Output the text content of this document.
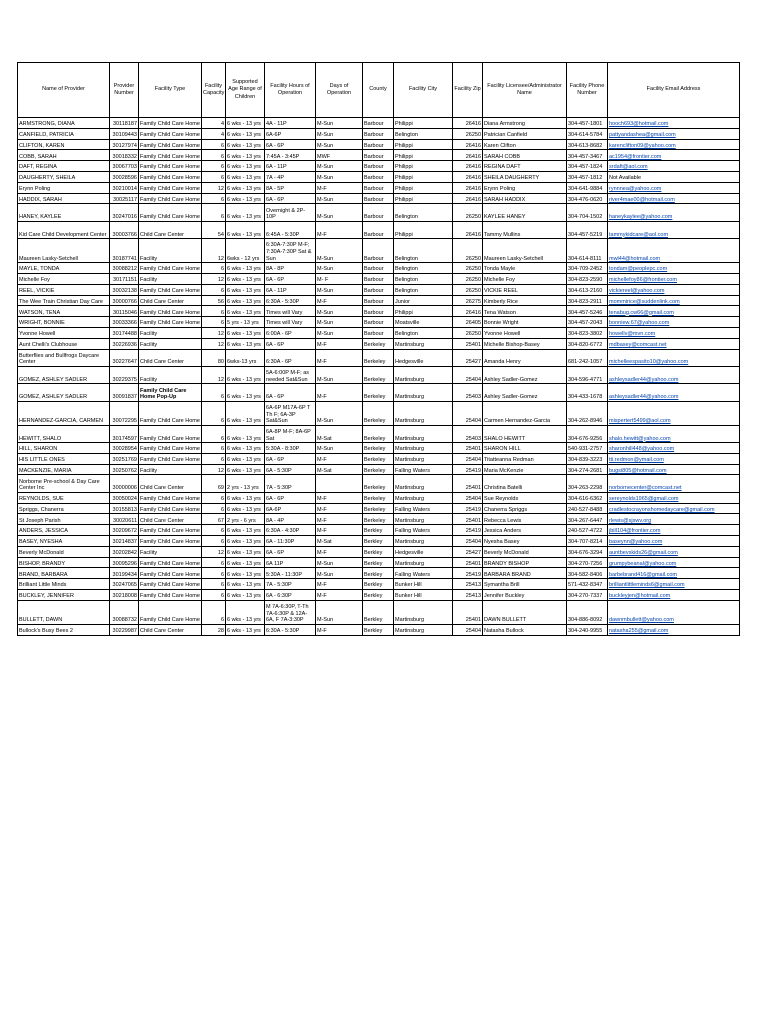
Name of Provider	Provider Number	Facility Type	Facility Capacity	Supported Age Range of Children	Facility Hours of Operation	Days of Operation	County	Facility City	Facility Zip	Facility Licensee/Administrator Name	Facility Phone Number	Facility Email Address
ARMSTRONG, DIANA	30118187	Family Child Care Home	4	6 wks - 13 yrs	4A - 11P	M-Sun	Barbour	Philippi	26416	Diana Armstrong	304-457-1801	hooch693@hotmail.com
CANFIELD, PATRICIA	30109443	Family Child Care Home	4	6 wks - 13 yrs	6A-6P	M-Sun	Barbour	Belington	26250	Patrician Canfield	304-614-5784	pattyandashea@gmail.com
CLIFTON, KAREN	30127974	Family Child Care Home	6	6 wks - 13 yrs	6A - 6P	M-Sun	Barbour	Philippi	26416	Karen Clifton	304-613-8682	karenclifton09@yahoo.com
COBB, SARAH	30018332	Family Child Care Home	6	6 wks - 13 yrs	7:45A - 3:45P	MWF	Barbour	Philippi	26416	SARAH COBB	304-457-3467	ac1954@frontier.com
DAFT, REGINA	30067703	Family Child Care Home	6	6 wks - 13 yrs	6A - 11P	M-Sun	Barbour	Philippi	26416	REGINA DAFT	304-457-1824	srdaft@aol.com
DAUGHERTY, SHEILA	30028596	Family Child Care Home	6	6 wks - 13 yrs	7A - 4P	M-Sun	Barbour	Philippi	26416	SHEILA DAUGHERTY	304-457-1812	Not Available
Erynn Poling	30210014	Family Child Care Home	12	6 wks - 13 yrs	8A - 5P	M-F	Barbour	Philippi	26416	Erynn Poling	304-641-9884	rynnnea@yahoo.com
HADDIX, SARAH	30025117	Family Child Care Home	6	6 wks - 13 yrs	6A - 6P	M-Sun	Barbour	Philippi	26416	SARAH HADDIX	304-476-0620	river4mae00@hotmail.com
HANEY, KAYLEE	30247016	Family Child Care Home	6	6 wks - 13 yrs	Overnight & 2P-10P	M-Sun	Barbour	Belington	26250	KAYLEE HANEY	304-704-1502	haneykaylee@yahoo.com
Kid Care Child Development Center	30003766	Child Care Center	54	6 wks - 13 yrs	6:45A - 5:30P	M-F	Barbour	Philippi	26416	Tammy Mullins	304-457-5219	tammykidcare@aol.com
Maureen Lasky-Setchell	30187741	Facility	12	6wks - 12 yrs	6:30A-7:30P M-F; 7:30A-7:30P Sat & Sun	M-Sun	Barbour	Belington	26250	Maureen Lasky-Setchell	304-614-8111	mwl44@hotmail.com
MAYLE, TONDA	30088212	Family Child Care Home	6	6 wks - 13 yrs	8A - 8P	M-Sun	Barbour	Belington	26250	Tonda Mayle	304-709-2452	tondam@peoplepc.com
Michelle Foy	30171151	Facility	12	6 wks - 13 yrs	6A - 6P	M- F	Barbour	Belington	26250	Michelle Foy	304-823-2590	michellefoy86@frontier.com
REEL, VICKIE	30032138	Family Child Care Home	6	6 wks - 13 yrs	6A - 11P	M-Sun	Barbour	Belington	26250	VICKIE REEL	304-613-2160	vickiereel@yahoo.com
The Wee Train Christian Day Care	30000766	Child Care Center	56	6 wks - 13 yrs	6:30A - 5:30P	M-F	Barbour	Junior	26275	Kimberly Rice	304-823-2911	mommirice@suddenlink.com
WATSON, TENA	30115046	Family Child Care Home	6	6 wks - 13 yrs	Times will Vary	M-Sun	Barbour	Philippi	26416	Tena Watson	304-457-5246	tenabug.cw66@gmail.com
WRIGHT, BONNIE	30033366	Family Child Care Home	6	5 yrs - 13 yrs	Times will Vary	M-Sun	Barbour	Moatsville	26405	Bonnie Wright	304-457-2043	bonniew.67@yahoo.com
Yvonne Howell	30174488	Facility	12	6 wks - 13 yrs	6:00A - 6P	M-Sun	Barbour	Belington	26250	Yvonne Howell	304-823-3802	howellv@mvn.com
Aunt Chelli's Clubhouse	30226936	Facility	12	6 wks - 13 yrs	6A - 6P	M-F	Berkeley	Martinsburg	25401	Michelle Bishop-Basey	304-820-6772	mdbasey@comcast.net
Butterflies and Bullfrogs Daycare Center	30227647	Child Care Center	80	6wks-13 yrs	6:30A - 6P	M-F	Berkeley	Hedgesville	25427	Amanda Henry	681-242-1057	michelleespasito10@yahoo.com
GOMEZ, ASHLEY SADLER	30229375	Facility	12	6 wks - 13 yrs	5A-6:00P M-F; as needed Sat&Sun	M-Sun	Berkeley	Martinsburg	25404	Ashley Sadler-Gomez	304-596-4771	ashleysadler44@yahoo.com
GOMEZ, ASHLEY SADLER	30091837	Family Child Care Home Pop-Up	6	6 wks - 13 yrs	6A - 6P	M-F	Berkeley	Martinsburg	25403	Ashley Sadler-Gomez	304-433-1678	ashleysadler44@yahoo.com
HERNANDEZ-GARCIA, CARMEN	30072295	Family Child Care Home	6	6 wks - 13 yrs	6A-6P M17A-6P T Th F; 6A-3P Sat&Sun	M-Sun	Berkeley	Martinsburg	25404	Carmen Hernandez-Garcia	304-262-8946	mispertert5499@aol.com
HEWITT, SHALO	30174597	Family Child Care Home	6	6 wks - 13 yrs	6A-8P M-F; 8A-6P Sat	M-Sat	Berkeley	Martinsburg	25403	SHALO HEWITT	304-676-9256	shalo.hewitt@yahoo.com
HILL, SHARON	30028954	Family Child Care Home	6	6 wks - 13 yrs	5:30A - 8:30P	M-Sun	Berkeley	Martinsburg	25401	SHARON HILL	540-931-2757	sharonhill448@yahoo.com
HIS LITTLE ONES	30251769	Family Child Care Home	6	6 wks - 13 yrs	6A - 6P	M-F	Berkeley	Martinsburg	25404	Titatteanna Redman	304-839-3223	tti.redmon@ymail.com
MACKENZIE, MARIA	30250762	Facility	12	6 wks - 13 yrs	6A - 5:30P	M-Sat	Berkeley	Falling Waters	25419	Maria McKenzie	304-274-2681	bugsi805@hotmail.com
Norborne Pre-school & Day Care Center Inc	30000006	Child Care Center	69	2 yrs - 13 yrs	7A - 5:30P		Berkeley	Martinsburg	25401	Christina Batelli	304-263-2298	norbornecenter@comcast.net
REYNOLDS, SUE	30050024	Family Child Care Home	6	6 wks - 13 yrs	6A - 6P	M-F	Berkeley	Martinsburg	25404	Sue Reynolds	304-616-6362	sereynolds1965@gmail.com
Spriggs, Chanerra	30155813	Family Child Care Home	6	6 wks - 13 yrs	6A-6P	M-F	Berkeley	Falling Waters	25419	Chanerra Spriggs	240-527-8488	cradlestocrayonshomedaycare@gmail.com
St Joseph Parish	30020611	Child Care Center	67	2 yrs - 6 yrs	8A - 4P	M-F	Berkeley	Martinsburg	25401	Rebecca Lewis	304-267-6447	rlewis@sjswv.org
ANDERS, JESSICA	30209672	Family Child Care Home	6	6 wks - 13 yrs	6:30A - 4:30P	M-F	Berkley	Falling Waters	25419	Jessica Anders	240-527-4722	jbill104@frontier.com
BASEY, NYESHA	30214837	Family Child Care Home	6	6 wks - 13 yrs	6A - 11:30P	M-Sat	Berkley	Martinsburg	25404	Nyesha Basey	304-707-8214	baseynn@yahoo.com
Beverly McDonald	30202842	Facility	12	6 wks - 13 yrs	6A - 6P	M-F	Berkley	Hedgesville	25427	Beverly McDonald	304-676-3294	auntbevskids26@gmail.com
BISHOP, BRANDY	30095296	Family Child Care Home	6	6 wks - 13 yrs	6A 11P	M-Sun	Berkley	Martinsburg	25401	BRANDY BISHOP	304-270-7256	grumpybeanal@yahoo.com
BRAND, BARBARA	30199434	Family Child Care Home	6	6 wks - 13 yrs	5:30A - 11:30P	M-Sun	Berkley	Falling Waters	25419	BARBARA BRAND	304-582-8406	barbebrand416@gmail.com
Brilliant Little Minds	30247065	Family Child Care Home	6	6 wks - 13 yrs	7A - 5:30P	M-F	Berkley	Bunker Hill	25413	Symantha Brill	571-432-8347	brilliantlittleminds6@gmail.com
BUCKLEY, JENNIFER	30218008	Family Child Care Home	6	6 wks - 13 yrs	6A - 6:30P	M-F	Berkley	Bunker Hill	25413	Jennifer Buckley	304-270-7337	buckleyjen@hotmail.com
BULLETT, DAWN	30088732	Family Child Care Home	6	6 wks - 13 yrs	M 7A-6:30P, T-Th 7A-6:30P & 12A-6A, F 7A-3:30P	M-Sun	Berkley	Martinsburg	25401	DAWN BULLETT	304-886-8092	dawnmbullett@yahoo.com
Bullock's Busy Bees 2	30229987	Child Care Center	28	6 wks - 13 yrs	6:30A - 5:30P	M-F	Berkley	Martinsburg	25404	Natasha Bullock	304-240-9955	natasha255@gmail.com
